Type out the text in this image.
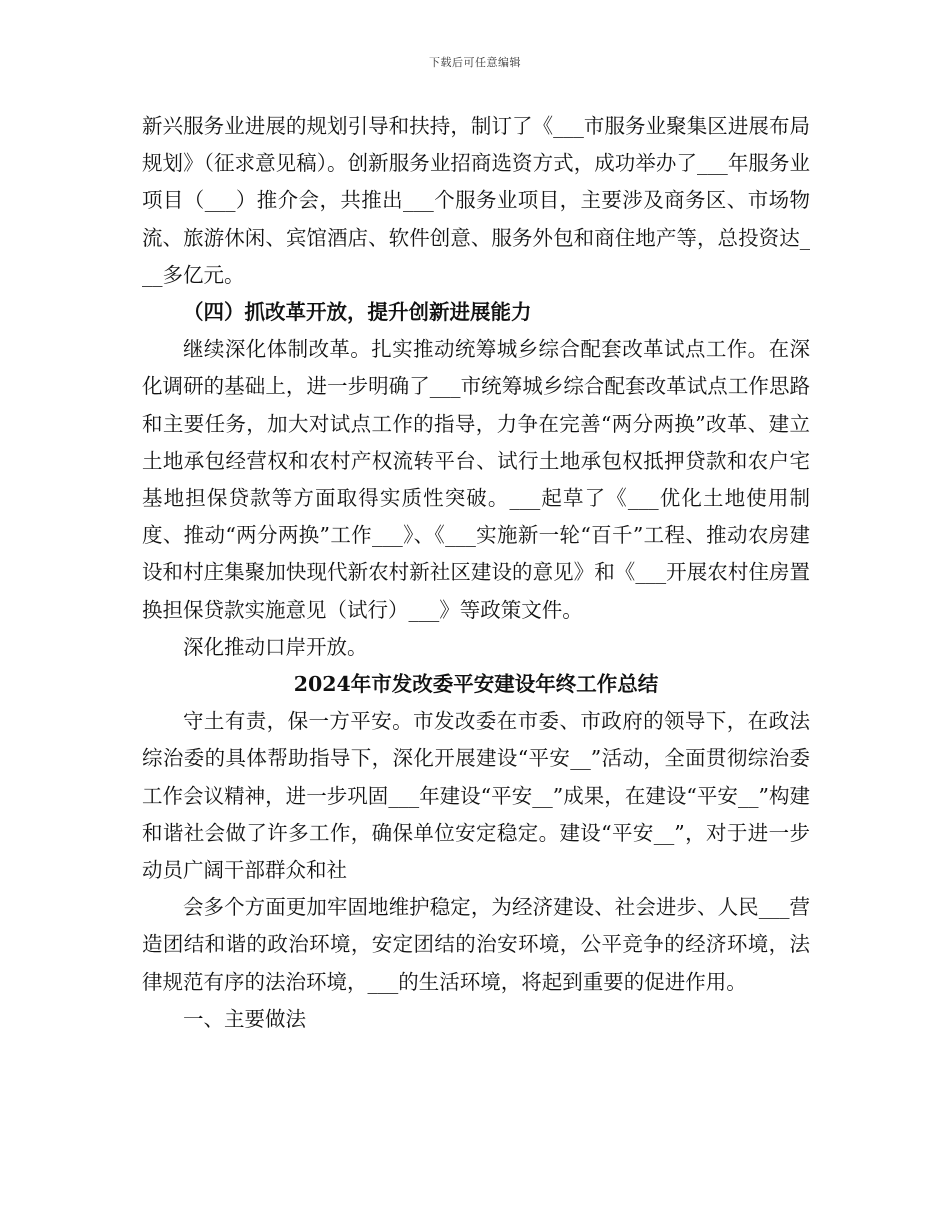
下载后可任意编辑

新兴服务业进展的规划引导和扶持，制订了《___市服务业聚集区进展布局规划》（征求意见稿）。创新服务业招商选资方式，成功举办了___年服务业项目（___）推介会，共推出___个服务业项目，主要涉及商务区、市场物流、旅游休闲、宾馆酒店、软件创意、服务外包和商住地产等，总投资达___多亿元。

（四）抓改革开放，提升创新进展能力

继续深化体制改革。扎实推动统筹城乡综合配套改革试点工作。在深化调研的基础上，进一步明确了___市统筹城乡综合配套改革试点工作思路和主要任务，加大对试点工作的指导，力争在完善“两分两换”改革、建立土地承包经营权和农村产权流转平台、试行土地承包权抵押贷款和农户宅基地担保贷款等方面取得实质性突破。___起草了《___优化土地使用制度、推动“两分两换”工作___》、《___实施新一轮“百千”工程、推动农房建设和村庄集聚加快现代新农村新社区建设的意见》和《___开展农村住房置换担保贷款实施意见（试行）___》等政策文件。

深化推动口岸开放。

2024年市发改委平安建设年终工作总结

守土有责，保一方平安。市发改委在市委、市政府的领导下，在政法综治委的具体帮助指导下，深化开展建设“平安__”活动，全面贯彻综治委工作会议精神，进一步巩固___年建设“平安__”成果，在建设“平安__”构建和谐社会做了许多工作，确保单位安定稳定。建设“平安__”，对于进一步动员广阔干部群众和社

会多个方面更加牢固地维护稳定，为经济建设、社会进步、人民___营造团结和谐的政治环境，安定团结的治安环境，公平竞争的经济环境，法律规范有序的法治环境，___的生活环境，将起到重要的促进作用。

一、主要做法
